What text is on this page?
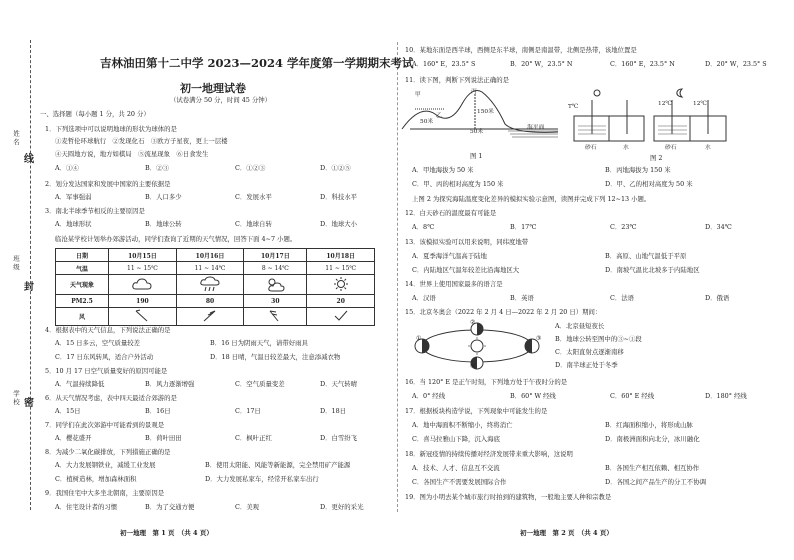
姓名
班级
学校
线
封
密
吉林油田第十二中学 2023—2024 学年度第一学期期末考试
初一地理试卷
（试卷满分 50 分，时间 45 分钟）
一、选择题（每小题 1 分，共 20 分）
1．下列选项中可以说明地球的形状为球体的是
①麦哲伦环球航行　②发现化石　③欧方子星夜，更上一层楼
④天圆地方说，地方如棋局　⑤流星现象　⑥日食发生
A．①④	B．②③	C．①②③	D．①②⑤
2．划分发达国家和发展中国家的主要依据是
A．军事强弱	B．人口多少	C．发展水平	D．科技水平
3．南北半球季节相反的主要原因是
A．地球形状	B．地球公转	C．地球自转	D．地球大小
临沧某学校计划举办郊游活动，同学们查询了近期的天气情况，回答下面 4~7 小题。
日期	10月15日	10月16日	10月17日	10月18日
气温	11 ~ 15℃	11 ~ 14℃	8 ~ 14℃	11 ~ 15℃
天气现象				
PM2.5	190	80	30	20
风				
4．根据表中的天气信息，下列说法正确的是
A．15 日多云，空气质量较差	B．16 日为阴雨天气，请带好雨具
C．17 日东风转风，适合户外活动	D．18 日晴，气温日较差最大，注意添减衣物
5．10 月 17 日空气质量变好的原因可能是
A．气温持续降低	B．风力逐渐增强	C．空气质量变差	D．天气转晴
6．从天气情况考虑，表中四天最适合郊游的是
A．15日	B．16日	C．17日	D．18日
7．同学们在此次郊游中可能看到的景观是
A．樱花盛开	B．荷叶田田	C．枫叶正红	D．白雪纷飞
8．为减少二氧化碳排放，下列措施正确的是
A．大力发展钢铁业，减缓工业发展	B．使用太阳能、风能等新能源，完全禁用矿产能源
C．植树造林，增加森林面积	D．大力发展私家车，经常开私家车出行
9．我国住宅中大多坐北朝南，主要原因是
A．住宅设计者的习惯	B．为了交通方便	C．美观	D．更好的采光
初一地理　第 1 页　（共 4 页）
10．某地东面是西半球，西侧是东半球，南侧是南温带，北侧是热带，该地位置是
A．160° E，23.5° S	B．20° W，23.5° N	C．160° E，23.5° N	D．20° W，23.5° S
11．读下图，判断下列说法正确的是
甲	丙
乙
150米
50米
50米
海平面
图 1
T℃	12℃	12℃
砂石	水	砂石	水
图 2
A．甲地海拔为 50 米	B．丙地海拔为 150 米
C．甲、丙的相对高度为 150 米	D．甲、乙的相对高度为 50 米
上图 2 为探究海陆温度变化差异的模拟实验示意图，读图并完成下列 12~13 小题。
12．白天砂石的温度最有可能是
A．8℃	B．17℃	C．23℃	D．34℃
13．该模拟实验可以用来说明，同纬度地带
A．夏季海洋气温高于陆地	B．高原、山地气温低于平原
C．内陆地区气温年较差比沿海地区大	D．南坡气温比北坡多于内陆地区
14．世界上使用国家最多的语言是
A．汉语	B．英语	C．法语	D．俄语
15．北京冬奥会（2022 年 2 月 4 日—2022 年 2 月 20 日）期间：
①
②
③
④
A．北京昼短夜长
B．地球公转至图中的③~①段
C．太阳直射点逐渐南移
D．南半球正处于冬季
16．当 120° E 是正午时刻，下列地方处于午夜时分的是
A．0° 经线	B．60° W 经线	C．60° E 经线	D．180° 经线
17．根据板块构造学说，下列现象中可能发生的是
A．地中海面积不断缩小，终将消亡	B．红海面积缩小，将形成山脉
C．喜马拉雅山下降，沉入海底	D．南极洲面积向北分，冰川融化
18．新冠疫情的持续传播对经济发展带来重大影响，这说明
A．技术、人才、信息互不交流	B．各国生产相互依赖、相互协作
C．各国生产不需要发展国际合作	D．各国之间产品生产的分工不协调
19．图为小明去某个城市旅行时拍到的建筑物，一般地主要人种和宗教是
初一地理　第 2 页　（共 4 页）
